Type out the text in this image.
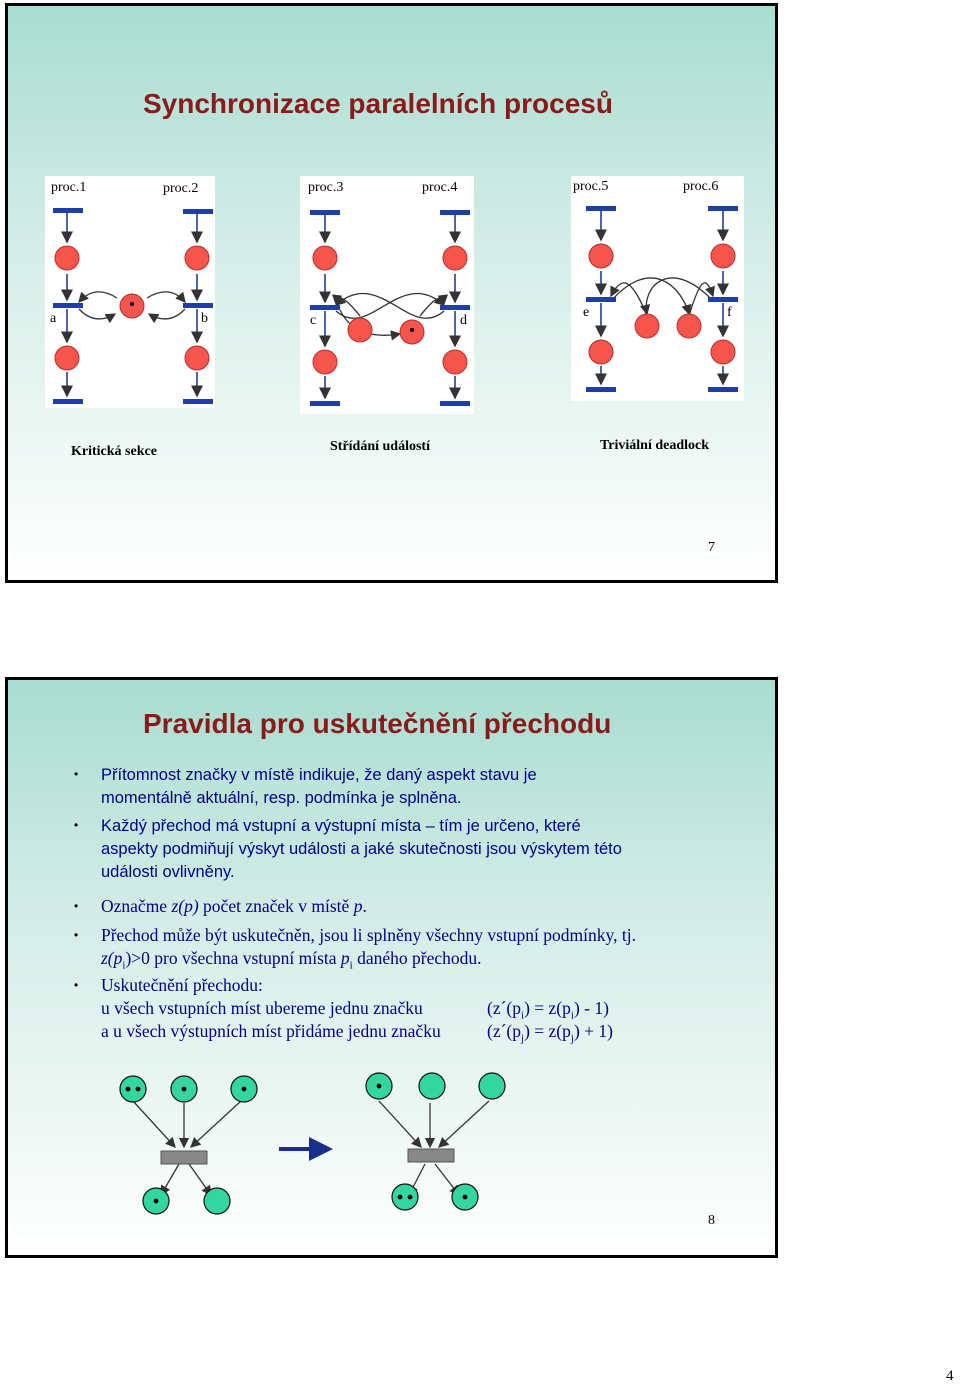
Synchronizace paralelních procesů
proc.1	proc.2
a	b
proc.3	proc.4
c	d
proc.5	proc.6
e	f
Kritická sekce	Střídání událostí	Triviální deadlock
7
Pravidla pro uskutečnění přechodu
• Přítomnost značky v místě indikuje, že daný aspekt stavu je
momentálně aktuální, resp. podmínka je splněna.
• Každý přechod má vstupní a výstupní místa – tím je určeno, které
aspekty podmiňují výskyt události a jaké skutečnosti jsou výskytem této
události ovlivněny.
• Označme z(p) počet značek v místě p.
• Přechod může být uskutečněn, jsou li splněny všechny vstupní podmínky, tj.
$z(p_i)>0$ pro všechna vstupní místa $p_i$ daného přechodu.
• Uskutečnění přechodu:
u všech vstupních míst ubereme jednu značku	$(z´(p_i) = z(p_i) - 1)$
a u všech výstupních míst přidáme jednu značku	$(z´(p_j) = z(p_j) + 1)$
8
4
